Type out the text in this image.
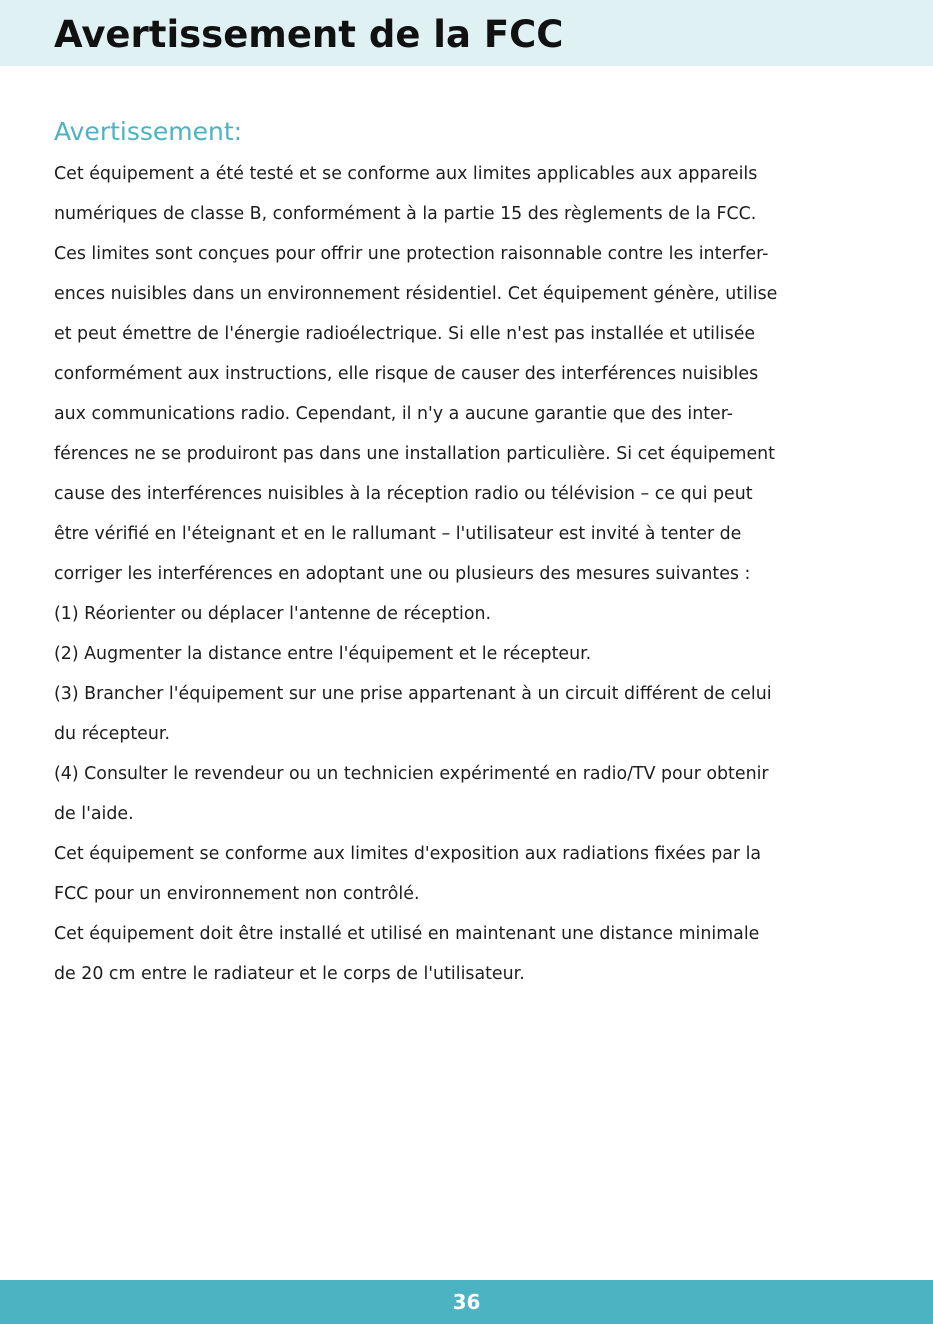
Avertissement de la FCC
Avertissement:
Cet équipement a été testé et se conforme aux limites applicables aux appareils
numériques de classe B, conformément à la partie 15 des règlements de la FCC.
Ces limites sont conçues pour offrir une protection raisonnable contre les interfer-
ences nuisibles dans un environnement résidentiel. Cet équipement génère, utilise
et peut émettre de l'énergie radioélectrique. Si elle n'est pas installée et utilisée
conformément aux instructions, elle risque de causer des interférences nuisibles
aux communications radio. Cependant, il n'y a aucune garantie que des inter-
férences ne se produiront pas dans une installation particulière. Si cet équipement
cause des interférences nuisibles à la réception radio ou télévision – ce qui peut
être vérifié en l'éteignant et en le rallumant – l'utilisateur est invité à tenter de
corriger les interférences en adoptant une ou plusieurs des mesures suivantes :
(1) Réorienter ou déplacer l'antenne de réception.
(2) Augmenter la distance entre l'équipement et le récepteur.
(3) Brancher l'équipement sur une prise appartenant à un circuit différent de celui
du récepteur.
(4) Consulter le revendeur ou un technicien expérimenté en radio/TV pour obtenir
de l'aide.
Cet équipement se conforme aux limites d'exposition aux radiations fixées par la
FCC pour un environnement non contrôlé.
Cet équipement doit être installé et utilisé en maintenant une distance minimale
de 20 cm entre le radiateur et le corps de l'utilisateur.
36
